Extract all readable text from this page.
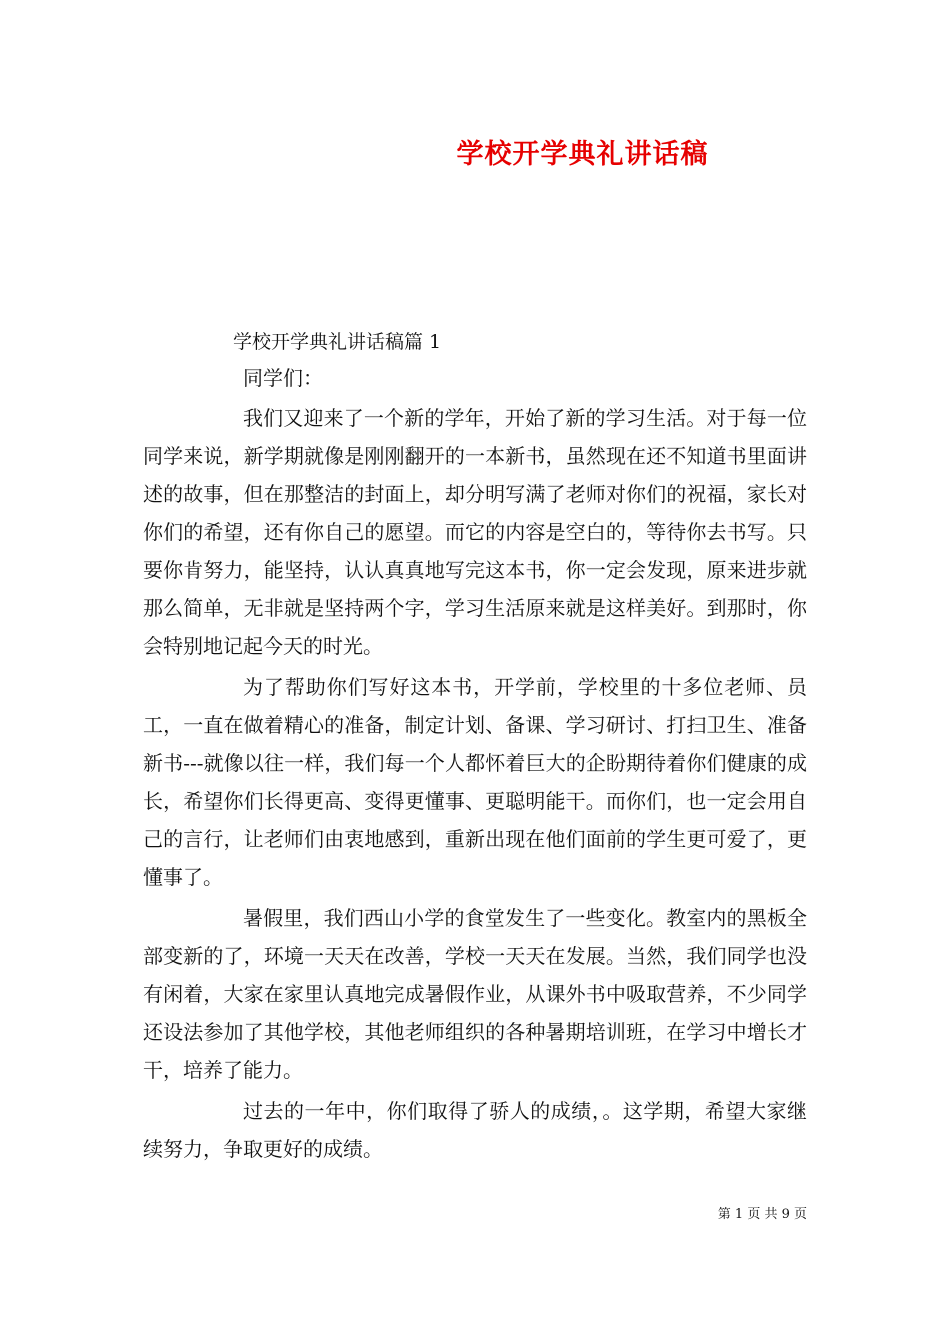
学校开学典礼讲话稿

学校开学典礼讲话稿篇 1

同学们：

我们又迎来了一个新的学年，开始了新的学习生活。对于每一位同学来说，新学期就像是刚刚翻开的一本新书，虽然现在还不知道书里面讲述的故事，但在那整洁的封面上，却分明写满了老师对你们的祝福，家长对你们的希望，还有你自己的愿望。而它的内容是空白的，等待你去书写。只要你肯努力，能坚持，认认真真地写完这本书，你一定会发现，原来进步就那么简单，无非就是坚持两个字，学习生活原来就是这样美好。到那时，你会特别地记起今天的时光。

为了帮助你们写好这本书，开学前，学校里的十多位老师、员工，一直在做着精心的准备，制定计划、备课、学习研讨、打扫卫生、准备新书---就像以往一样，我们每一个人都怀着巨大的企盼期待着你们健康的成长，希望你们长得更高、变得更懂事、更聪明能干。而你们，也一定会用自己的言行，让老师们由衷地感到，重新出现在他们面前的学生更可爱了，更懂事了。

暑假里，我们西山小学的食堂发生了一些变化。教室内的黑板全部变新的了，环境一天天在改善，学校一天天在发展。当然，我们同学也没有闲着，大家在家里认真地完成暑假作业，从课外书中吸取营养，不少同学还设法参加了其他学校，其他老师组织的各种暑期培训班，在学习中增长才干，培养了能力。

过去的一年中，你们取得了骄人的成绩，。这学期，希望大家继续努力，争取更好的成绩。

第 1 页 共 9 页
